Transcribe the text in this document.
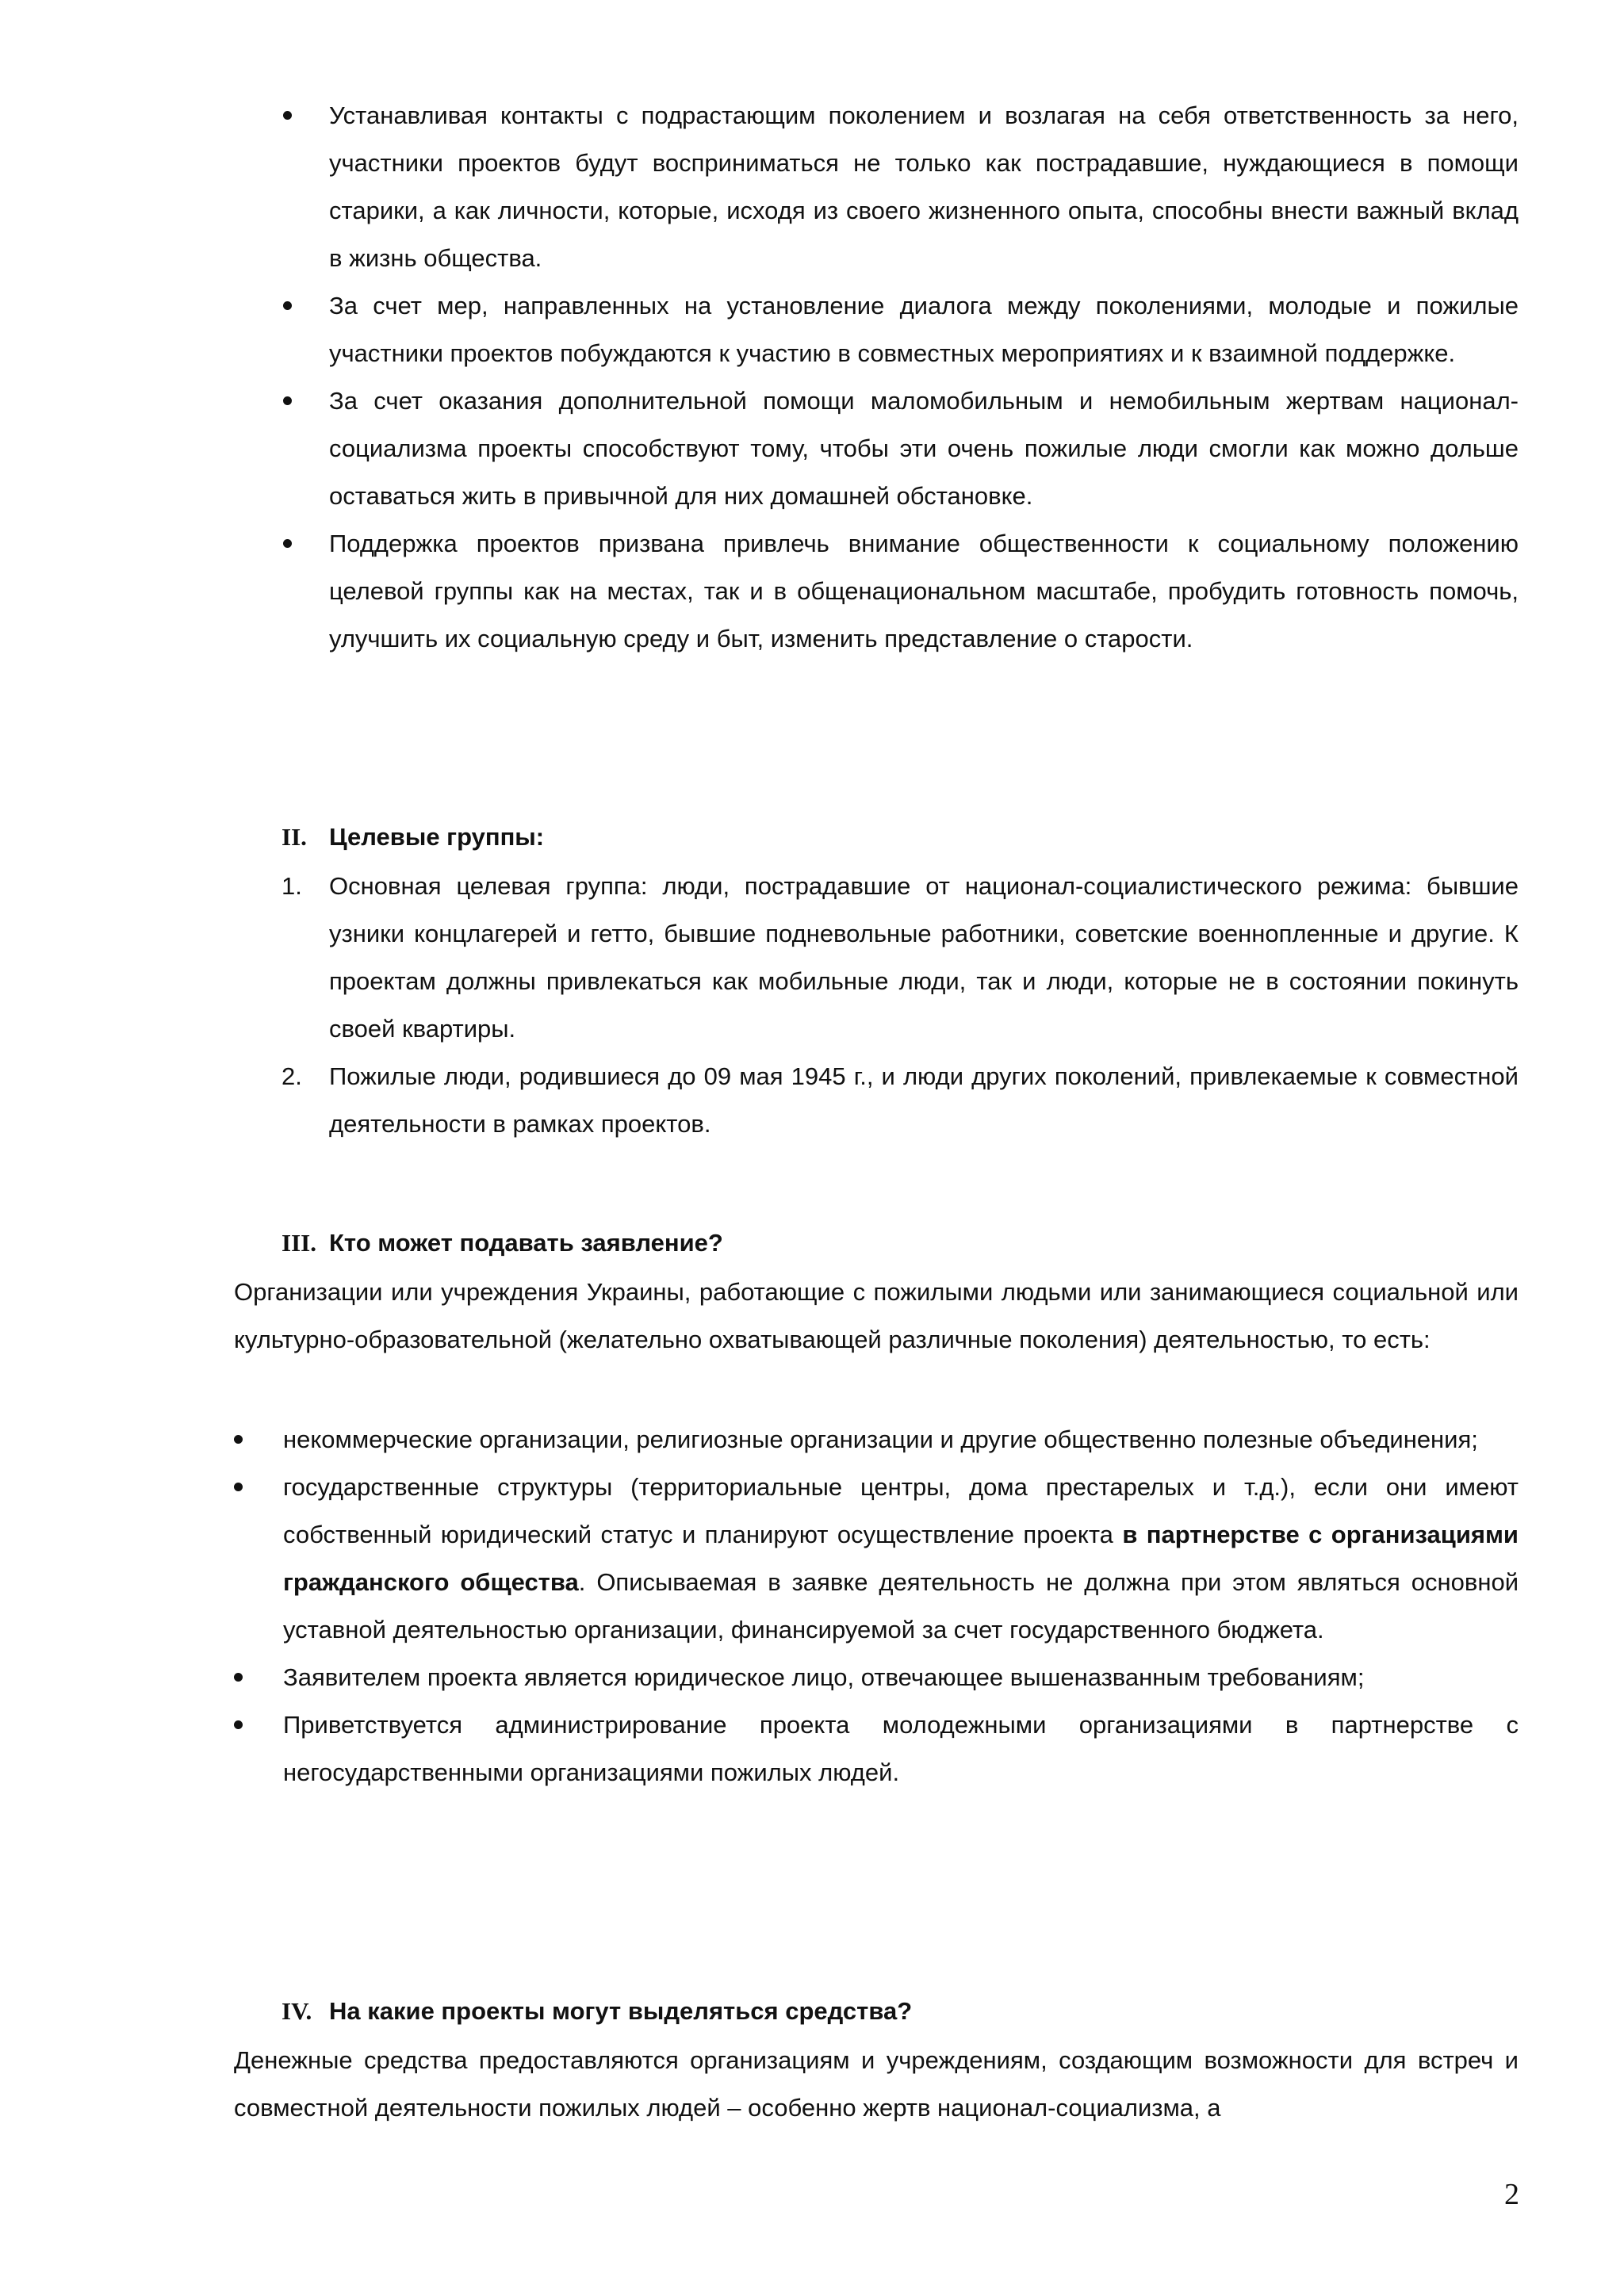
Устанавливая контакты с подрастающим поколением и возлагая на себя ответственность за него, участники проектов будут восприниматься не только как пострадавшие, нуждающиеся в помощи старики, а как личности, которые, исходя из своего жизненного опыта, способны внести важный вклад в жизнь общества.
За счет мер, направленных на установление диалога между поколениями, молодые и пожилые участники проектов побуждаются к участию в совместных мероприятиях и к взаимной поддержке.
За счет оказания дополнительной помощи маломобильным и немобильным жертвам национал-социализма проекты способствуют тому, чтобы эти очень пожилые люди смогли как можно дольше оставаться жить в привычной для них домашней обстановке.
Поддержка проектов призвана привлечь внимание общественности к социальному положению целевой группы как на местах, так и в общенациональном масштабе, пробудить готовность помочь, улучшить их социальную среду и быт, изменить представление о старости.
II. Целевые группы:
1.	Основная целевая группа: люди, пострадавшие от национал-социалистического режима: бывшие узники концлагерей и гетто, бывшие подневольные работники, советские военнопленные и другие. К проектам должны привлекаться как мобильные люди, так и люди, которые не в состоянии покинуть своей квартиры.
2.	Пожилые люди, родившиеся до 09 мая 1945 г., и люди других поколений, привлекаемые к совместной деятельности в рамках проектов.
III. Кто может подавать заявление?

Организации или учреждения Украины, работающие с пожилыми людьми или занимающиеся социальной или культурно-образовательной (желательно охватывающей различные поколения) деятельностью, то есть:

некоммерческие организации, религиозные организации и другие общественно полезные объединения;
государственные структуры (территориальные центры, дома престарелых и т.д.), если они имеют собственный юридический статус и планируют осуществление проекта в партнерстве с организациями гражданского общества. Описываемая в заявке деятельность не должна при этом являться основной уставной деятельностью организации, финансируемой за счет государственного бюджета.
Заявителем проекта является юридическое лицо, отвечающее вышеназванным требованиям;
Приветствуется администрирование проекта молодежными организациями в партнерстве с негосударственными организациями пожилых людей.
IV. На какие проекты могут выделяться средства?

Денежные средства предоставляются организациям и учреждениям, создающим возможности для встреч и совместной деятельности пожилых людей – особенно жертв национал-социализма, а

2
